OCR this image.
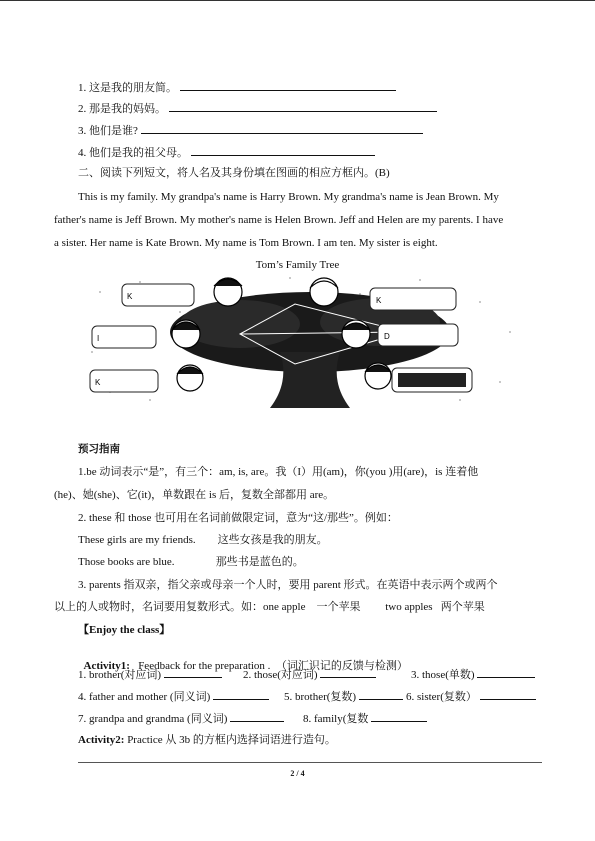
1. 这是我的朋友简。
2. 那是我的妈妈。
3. 他们是谁?
4. 他们是我的祖父母。
二、阅读下列短文，将人名及其身份填在图画的相应方框内。(B)
This is my family. My grandpa's name is Harry Brown. My grandma's name is Jean Brown. My
father's name is Jeff Brown. My mother's name is Helen Brown. Jeff and Helen are my parents. I have
a sister. Her name is Kate Brown. My name is Tom Brown. I am ten. My sister is eight.
Tom’s Family Tree
K	K
I	D
K
预习指南
1.be 动词表示“是”，有三个：am, is, are。我（I）用(am)，你(you )用(are)，is 连着他
(he)、她(she)、它(it)，单数跟在 is 后，复数全部都用 are。
2. these 和 those 也可用在名词前做限定词，意为“这/那些”。例如：
These girls are my friends.        这些女孩是我的朋友。
Those books are blue.               那些书是蓝色的。
3. parents 指双亲，指父亲或母亲一个人时，要用 parent 形式。在英语中表示两个或两个
以上的人或物时，名词要用复数形式。如：one apple    一个苹果         two apples   两个苹果
【Enjoy the class】

Activity1:   Feedback for the preparation .  （词汇识记的反馈与检测）

1. brother(对应词)	2. those(对应词)	3. those(单数)
4. father and mother (同义词)	5. brother(复数)	6. sister(复数）
7. grandpa and grandma (同义词)	8. family(复数
Activity2: Practice 从 3b 的方框内选择词语进行造句。
2 / 4
